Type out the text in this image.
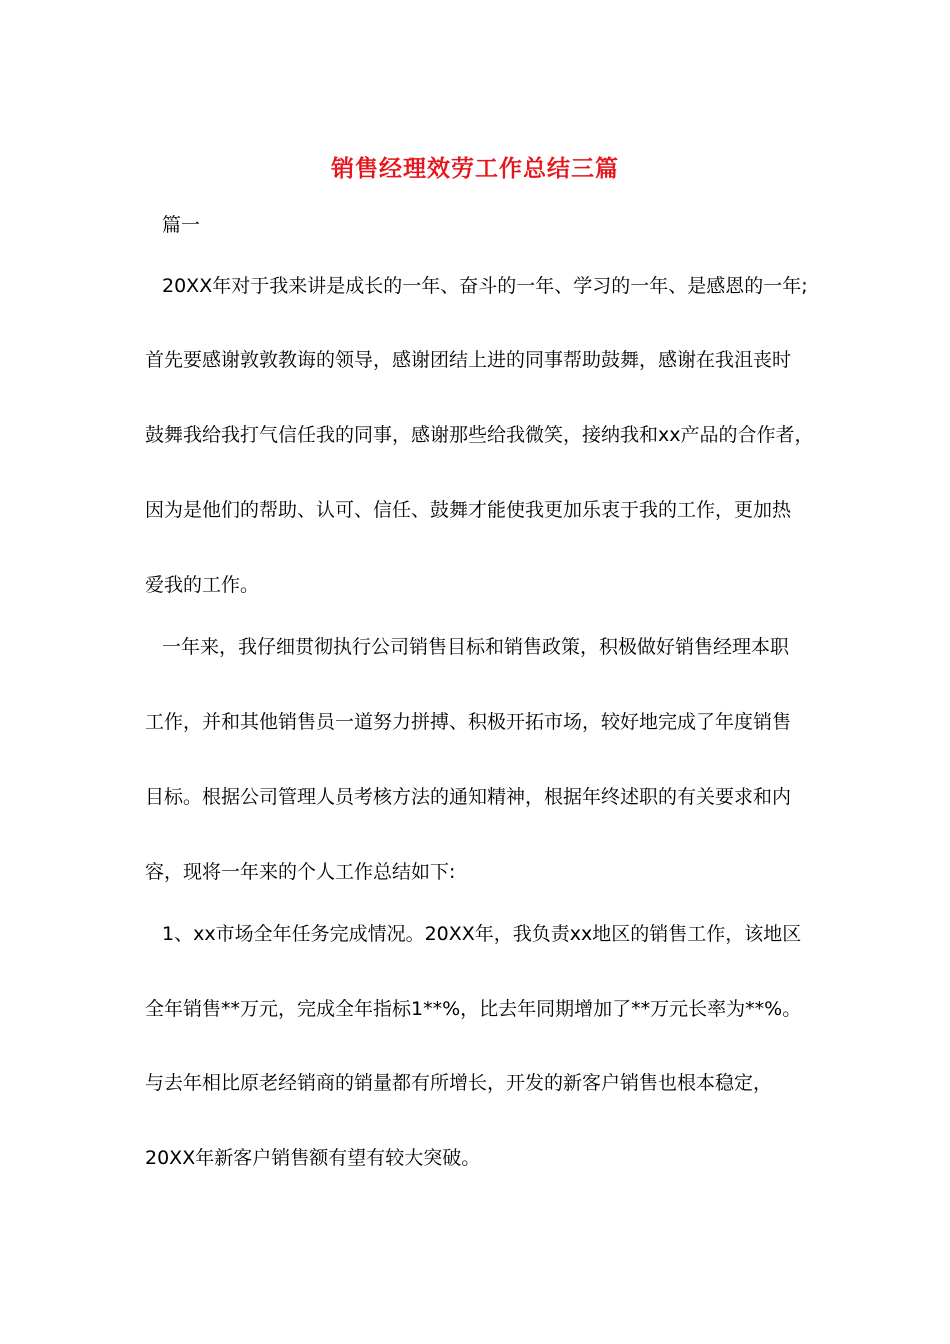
销售经理效劳工作总结三篇
篇一
20XX年对于我来讲是成长的一年、奋斗的一年、学习的一年、是感恩的一年;
首先要感谢敦敦教诲的领导，感谢团结上进的同事帮助鼓舞，感谢在我沮丧时
鼓舞我给我打气信任我的同事，感谢那些给我微笑，接纳我和xx产品的合作者，
因为是他们的帮助、认可、信任、鼓舞才能使我更加乐衷于我的工作，更加热
爱我的工作。
一年来，我仔细贯彻执行公司销售目标和销售政策，积极做好销售经理本职
工作，并和其他销售员一道努力拼搏、积极开拓市场，较好地完成了年度销售
目标。根据公司管理人员考核方法的通知精神，根据年终述职的有关要求和内
容，现将一年来的个人工作总结如下:
1、xx市场全年任务完成情况。20XX年，我负责xx地区的销售工作，该地区
全年销售**万元，完成全年指标1**%，比去年同期增加了**万元长率为**%。
与去年相比原老经销商的销量都有所增长，开发的新客户销售也根本稳定，
20XX年新客户销售额有望有较大突破。
